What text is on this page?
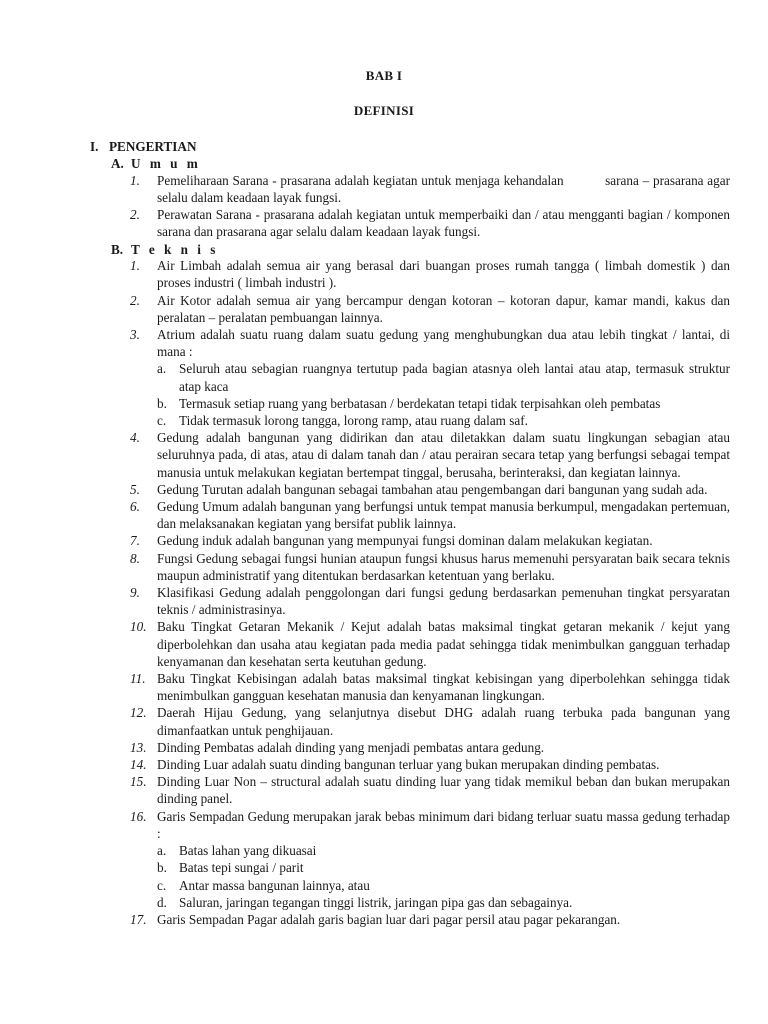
BAB I
DEFINISI
I. PENGERTIAN
A. U m u m
1. Pemeliharaan Sarana - prasarana adalah kegiatan untuk menjaga kehandalan           sarana – prasarana agar selalu dalam keadaan layak fungsi.
2. Perawatan Sarana - prasarana adalah kegiatan untuk memperbaiki dan / atau mengganti bagian / komponen sarana dan prasarana agar selalu dalam keadaan layak fungsi.
B. T e k n i s
1. Air Limbah adalah semua air yang berasal dari buangan proses rumah tangga ( limbah domestik ) dan proses industri ( limbah industri ).
2. Air Kotor adalah semua air yang bercampur dengan kotoran – kotoran dapur, kamar mandi, kakus dan peralatan – peralatan pembuangan lainnya.
3. Atrium adalah suatu ruang dalam suatu gedung yang menghubungkan dua atau lebih tingkat / lantai, di mana :
a. Seluruh atau sebagian ruangnya tertutup pada bagian atasnya oleh lantai atau atap, termasuk struktur atap kaca
b. Termasuk setiap ruang yang berbatasan / berdekatan tetapi tidak terpisahkan oleh pembatas
c. Tidak termasuk lorong tangga, lorong ramp, atau ruang dalam saf.
4. Gedung adalah bangunan yang didirikan dan atau diletakkan dalam suatu lingkungan sebagian atau seluruhnya pada, di atas, atau di dalam tanah dan / atau perairan secara tetap yang berfungsi sebagai tempat manusia untuk melakukan kegiatan bertempat tinggal, berusaha, berinteraksi, dan kegiatan lainnya.
5. Gedung Turutan adalah bangunan sebagai tambahan atau pengembangan dari bangunan yang sudah ada.
6. Gedung Umum adalah bangunan yang berfungsi untuk tempat manusia berkumpul, mengadakan pertemuan, dan melaksanakan kegiatan yang bersifat publik lainnya.
7. Gedung induk adalah bangunan yang mempunyai fungsi dominan dalam melakukan kegiatan.
8. Fungsi Gedung sebagai fungsi hunian ataupun fungsi khusus harus memenuhi persyaratan baik secara teknis maupun administratif yang ditentukan berdasarkan ketentuan yang berlaku.
9. Klasifikasi Gedung adalah penggolongan dari fungsi gedung berdasarkan pemenuhan tingkat persyaratan teknis / administrasinya.
10. Baku Tingkat Getaran Mekanik / Kejut adalah batas maksimal tingkat getaran mekanik / kejut yang diperbolehkan dan usaha atau kegiatan pada media padat sehingga tidak menimbulkan gangguan terhadap kenyamanan dan kesehatan serta keutuhan gedung.
11. Baku Tingkat Kebisingan adalah batas maksimal tingkat kebisingan yang diperbolehkan sehingga tidak menimbulkan gangguan kesehatan manusia dan kenyamanan lingkungan.
12. Daerah Hijau Gedung, yang selanjutnya disebut DHG adalah ruang terbuka pada bangunan yang dimanfaatkan untuk penghijauan.
13. Dinding Pembatas adalah dinding yang menjadi pembatas antara gedung.
14. Dinding Luar adalah suatu dinding bangunan terluar yang bukan merupakan dinding pembatas.
15. Dinding Luar Non – structural adalah suatu dinding luar yang tidak memikul beban dan bukan merupakan dinding panel.
16. Garis Sempadan Gedung merupakan jarak bebas minimum dari bidang terluar suatu massa gedung terhadap :
a. Batas lahan yang dikuasai
b. Batas tepi sungai / parit
c. Antar massa bangunan lainnya, atau
d. Saluran, jaringan tegangan tinggi listrik, jaringan pipa gas dan sebagainya.
17. Garis Sempadan Pagar adalah garis bagian luar dari pagar persil atau pagar pekarangan.
